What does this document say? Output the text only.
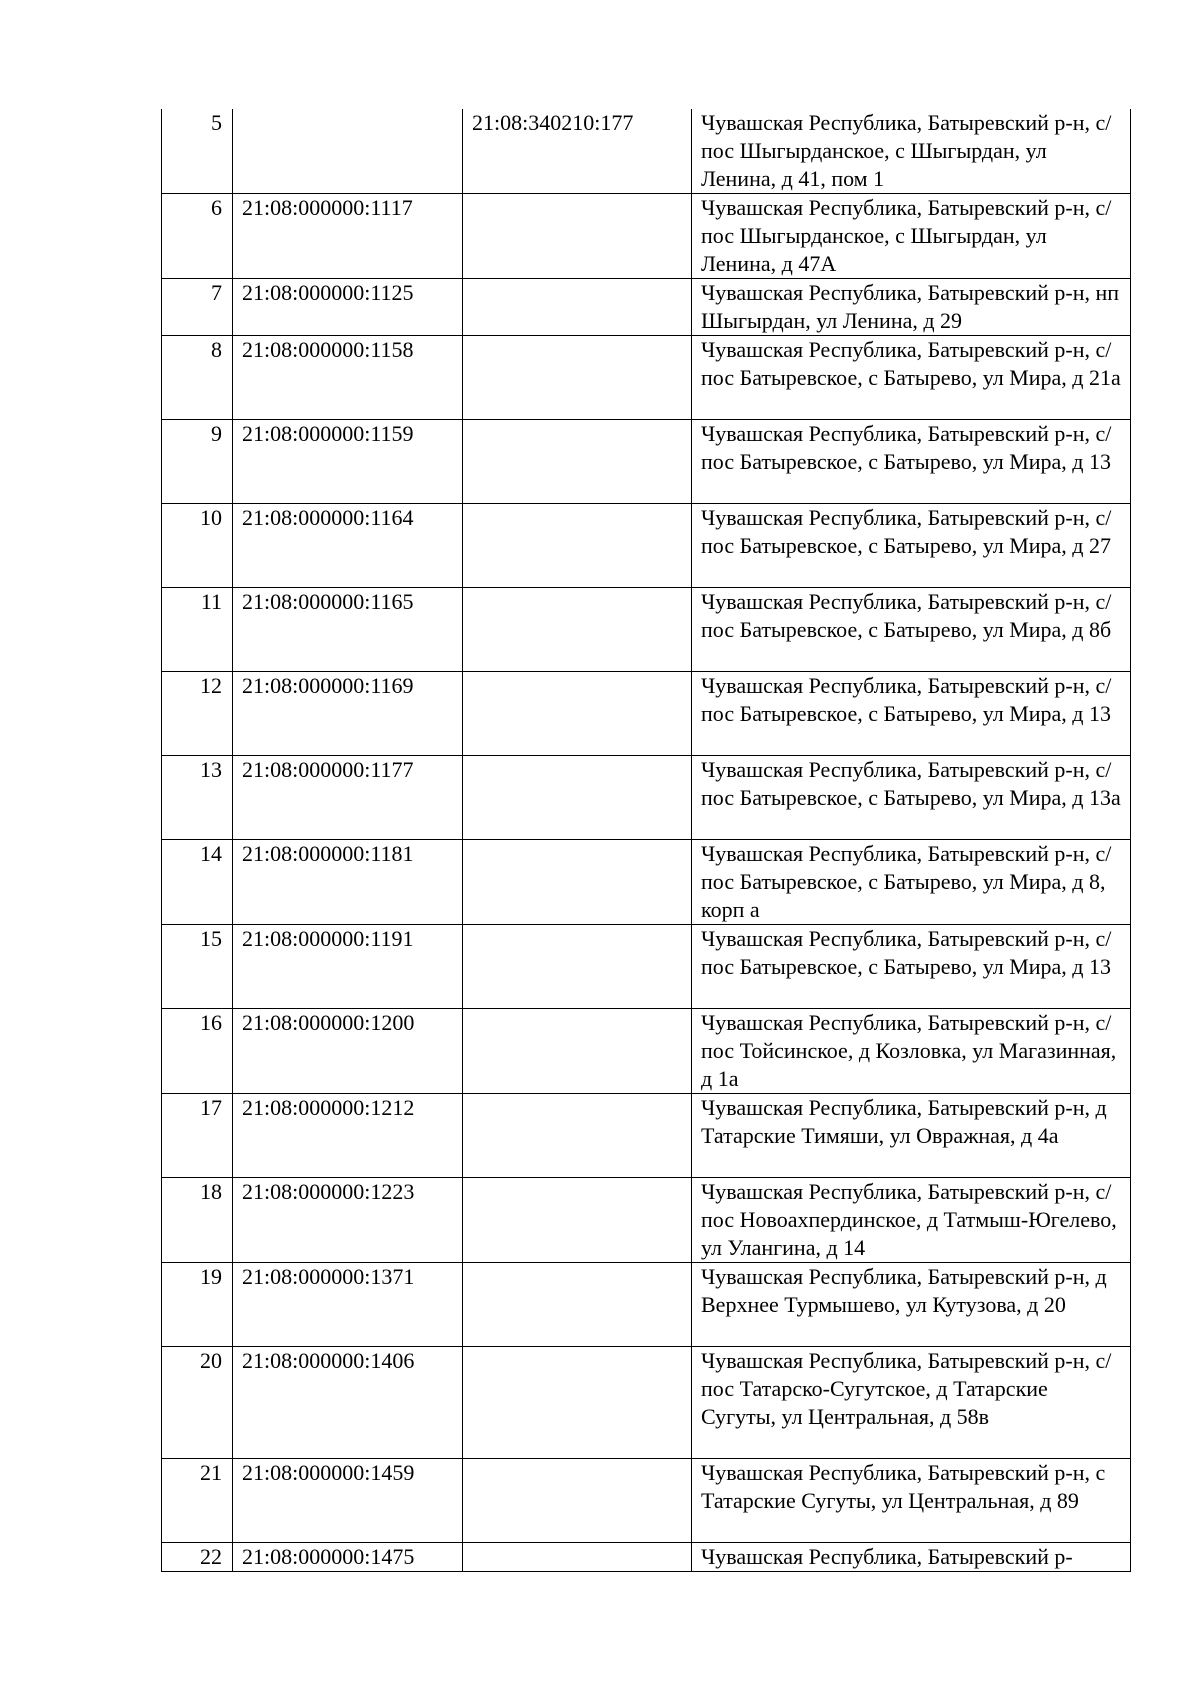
5		21:08:340210:177	Чувашская Республика, Батыревский р-н, с/пос Шыгырданское, с Шыгырдан, ул Ленина, д 41, пом 1
6	21:08:000000:1117		Чувашская Республика, Батыревский р-н, с/пос Шыгырданское, с Шыгырдан, ул Ленина, д 47А
7	21:08:000000:1125		Чувашская Республика, Батыревский р-н, нп Шыгырдан, ул Ленина, д 29
8	21:08:000000:1158		Чувашская Республика, Батыревский р-н, с/пос Батыревское, с Батырево, ул Мира, д 21а
9	21:08:000000:1159		Чувашская Республика, Батыревский р-н, с/пос Батыревское, с Батырево, ул Мира, д 13
10	21:08:000000:1164		Чувашская Республика, Батыревский р-н, с/пос Батыревское, с Батырево, ул Мира, д 27
11	21:08:000000:1165		Чувашская Республика, Батыревский р-н, с/пос Батыревское, с Батырево, ул Мира, д 8б
12	21:08:000000:1169		Чувашская Республика, Батыревский р-н, с/пос Батыревское, с Батырево, ул Мира, д 13
13	21:08:000000:1177		Чувашская Республика, Батыревский р-н, с/пос Батыревское, с Батырево, ул Мира, д 13а
14	21:08:000000:1181		Чувашская Республика, Батыревский р-н, с/пос Батыревское, с Батырево, ул Мира, д 8, корп а
15	21:08:000000:1191		Чувашская Республика, Батыревский р-н, с/пос Батыревское, с Батырево, ул Мира, д 13
16	21:08:000000:1200		Чувашская Республика, Батыревский р-н, с/пос Тойсинское, д Козловка, ул Магазинная, д 1а
17	21:08:000000:1212		Чувашская Республика, Батыревский р-н, д Татарские Тимяши, ул Овражная, д 4а
18	21:08:000000:1223		Чувашская Республика, Батыревский р-н, с/пос Новоахпердинское, д Татмыш-Югелево, ул Улангина, д 14
19	21:08:000000:1371		Чувашская Республика, Батыревский р-н, д Верхнее Турмышево, ул Кутузова, д 20
20	21:08:000000:1406		Чувашская Республика, Батыревский р-н, с/пос Татарско-Сугутское, д Татарские Сугуты, ул Центральная, д 58в
21	21:08:000000:1459		Чувашская Республика, Батыревский р-н, с Татарские Сугуты, ул Центральная, д 89
22	21:08:000000:1475		Чувашская Республика, Батыревский р-
